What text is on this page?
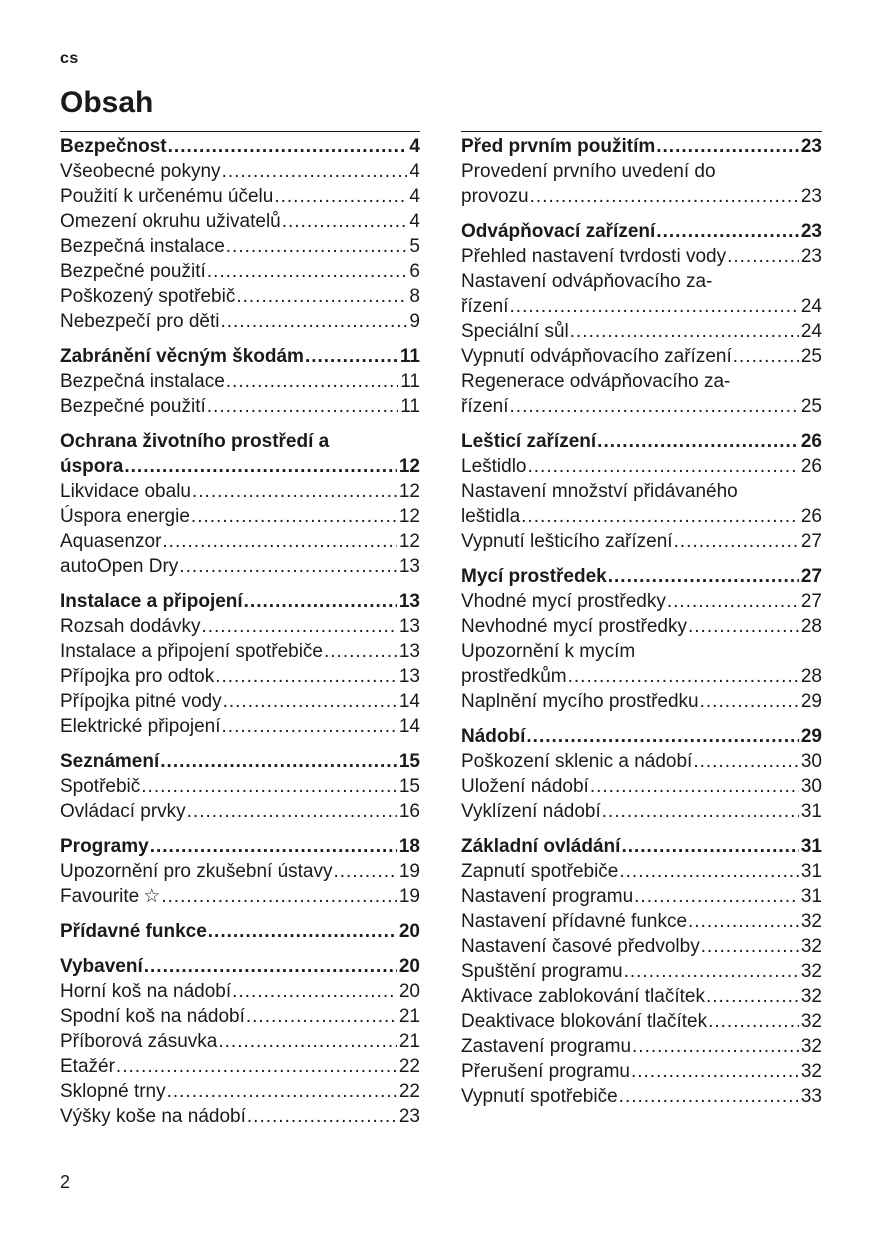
cs
Obsah
Bezpečnost .....	4
Všeobecné pokyny .....	4
Použití k určenému účelu .....	4
Omezení okruhu uživatelů .....	4
Bezpečná instalace .....	5
Bezpečné použití .....	6
Poškozený spotřebič .....	8
Nebezpečí pro děti .....	9
Zabránění věcným škodám .....	11
Bezpečná instalace .....	11
Bezpečné použití .....	11
Ochrana životního prostředí a
úspora .....	12
Likvidace obalu .....	12
Úspora energie .....	12
Aquasenzor .....	12
autoOpen Dry .....	13
Instalace a připojení .....	13
Rozsah dodávky .....	13
Instalace a připojení spotřebiče .....	13
Přípojka pro odtok .....	13
Přípojka pitné vody .....	14
Elektrické připojení .....	14
Seznámení .....	15
Spotřebič .....	15
Ovládací prvky .....	16
Programy .....	18
Upozornění pro zkušební ústavy .....	19
Favourite ☆ .....	19
Přídavné funkce .....	20
Vybavení .....	20
Horní koš na nádobí .....	20
Spodní koš na nádobí .....	21
Příborová zásuvka .....	21
Etažér .....	22
Sklopné trny .....	22
Výšky koše na nádobí .....	23
Před prvním použitím .....	23
Provedení prvního uvedení do
provozu .....	23
Odvápňovací zařízení .....	23
Přehled nastavení tvrdosti vody .....	23
Nastavení odvápňovacího za-
řízení .....	24
Speciální sůl .....	24
Vypnutí odvápňovacího zařízení .....	25
Regenerace odvápňovacího za-
řízení .....	25
Lešticí zařízení .....	26
Leštidlo .....	26
Nastavení množství přidávaného
leštidla .....	26
Vypnutí lešticího zařízení .....	27
Mycí prostředek .....	27
Vhodné mycí prostředky .....	27
Nevhodné mycí prostředky .....	28
Upozornění k mycím
prostředkům .....	28
Naplnění mycího prostředku .....	29
Nádobí .....	29
Poškození sklenic a nádobí .....	30
Uložení nádobí .....	30
Vyklízení nádobí .....	31
Základní ovládání .....	31
Zapnutí spotřebiče .....	31
Nastavení programu .....	31
Nastavení přídavné funkce .....	32
Nastavení časové předvolby .....	32
Spuštění programu .....	32
Aktivace zablokování tlačítek .....	32
Deaktivace blokování tlačítek .....	32
Zastavení programu .....	32
Přerušení programu .....	32
Vypnutí spotřebiče .....	33
2
